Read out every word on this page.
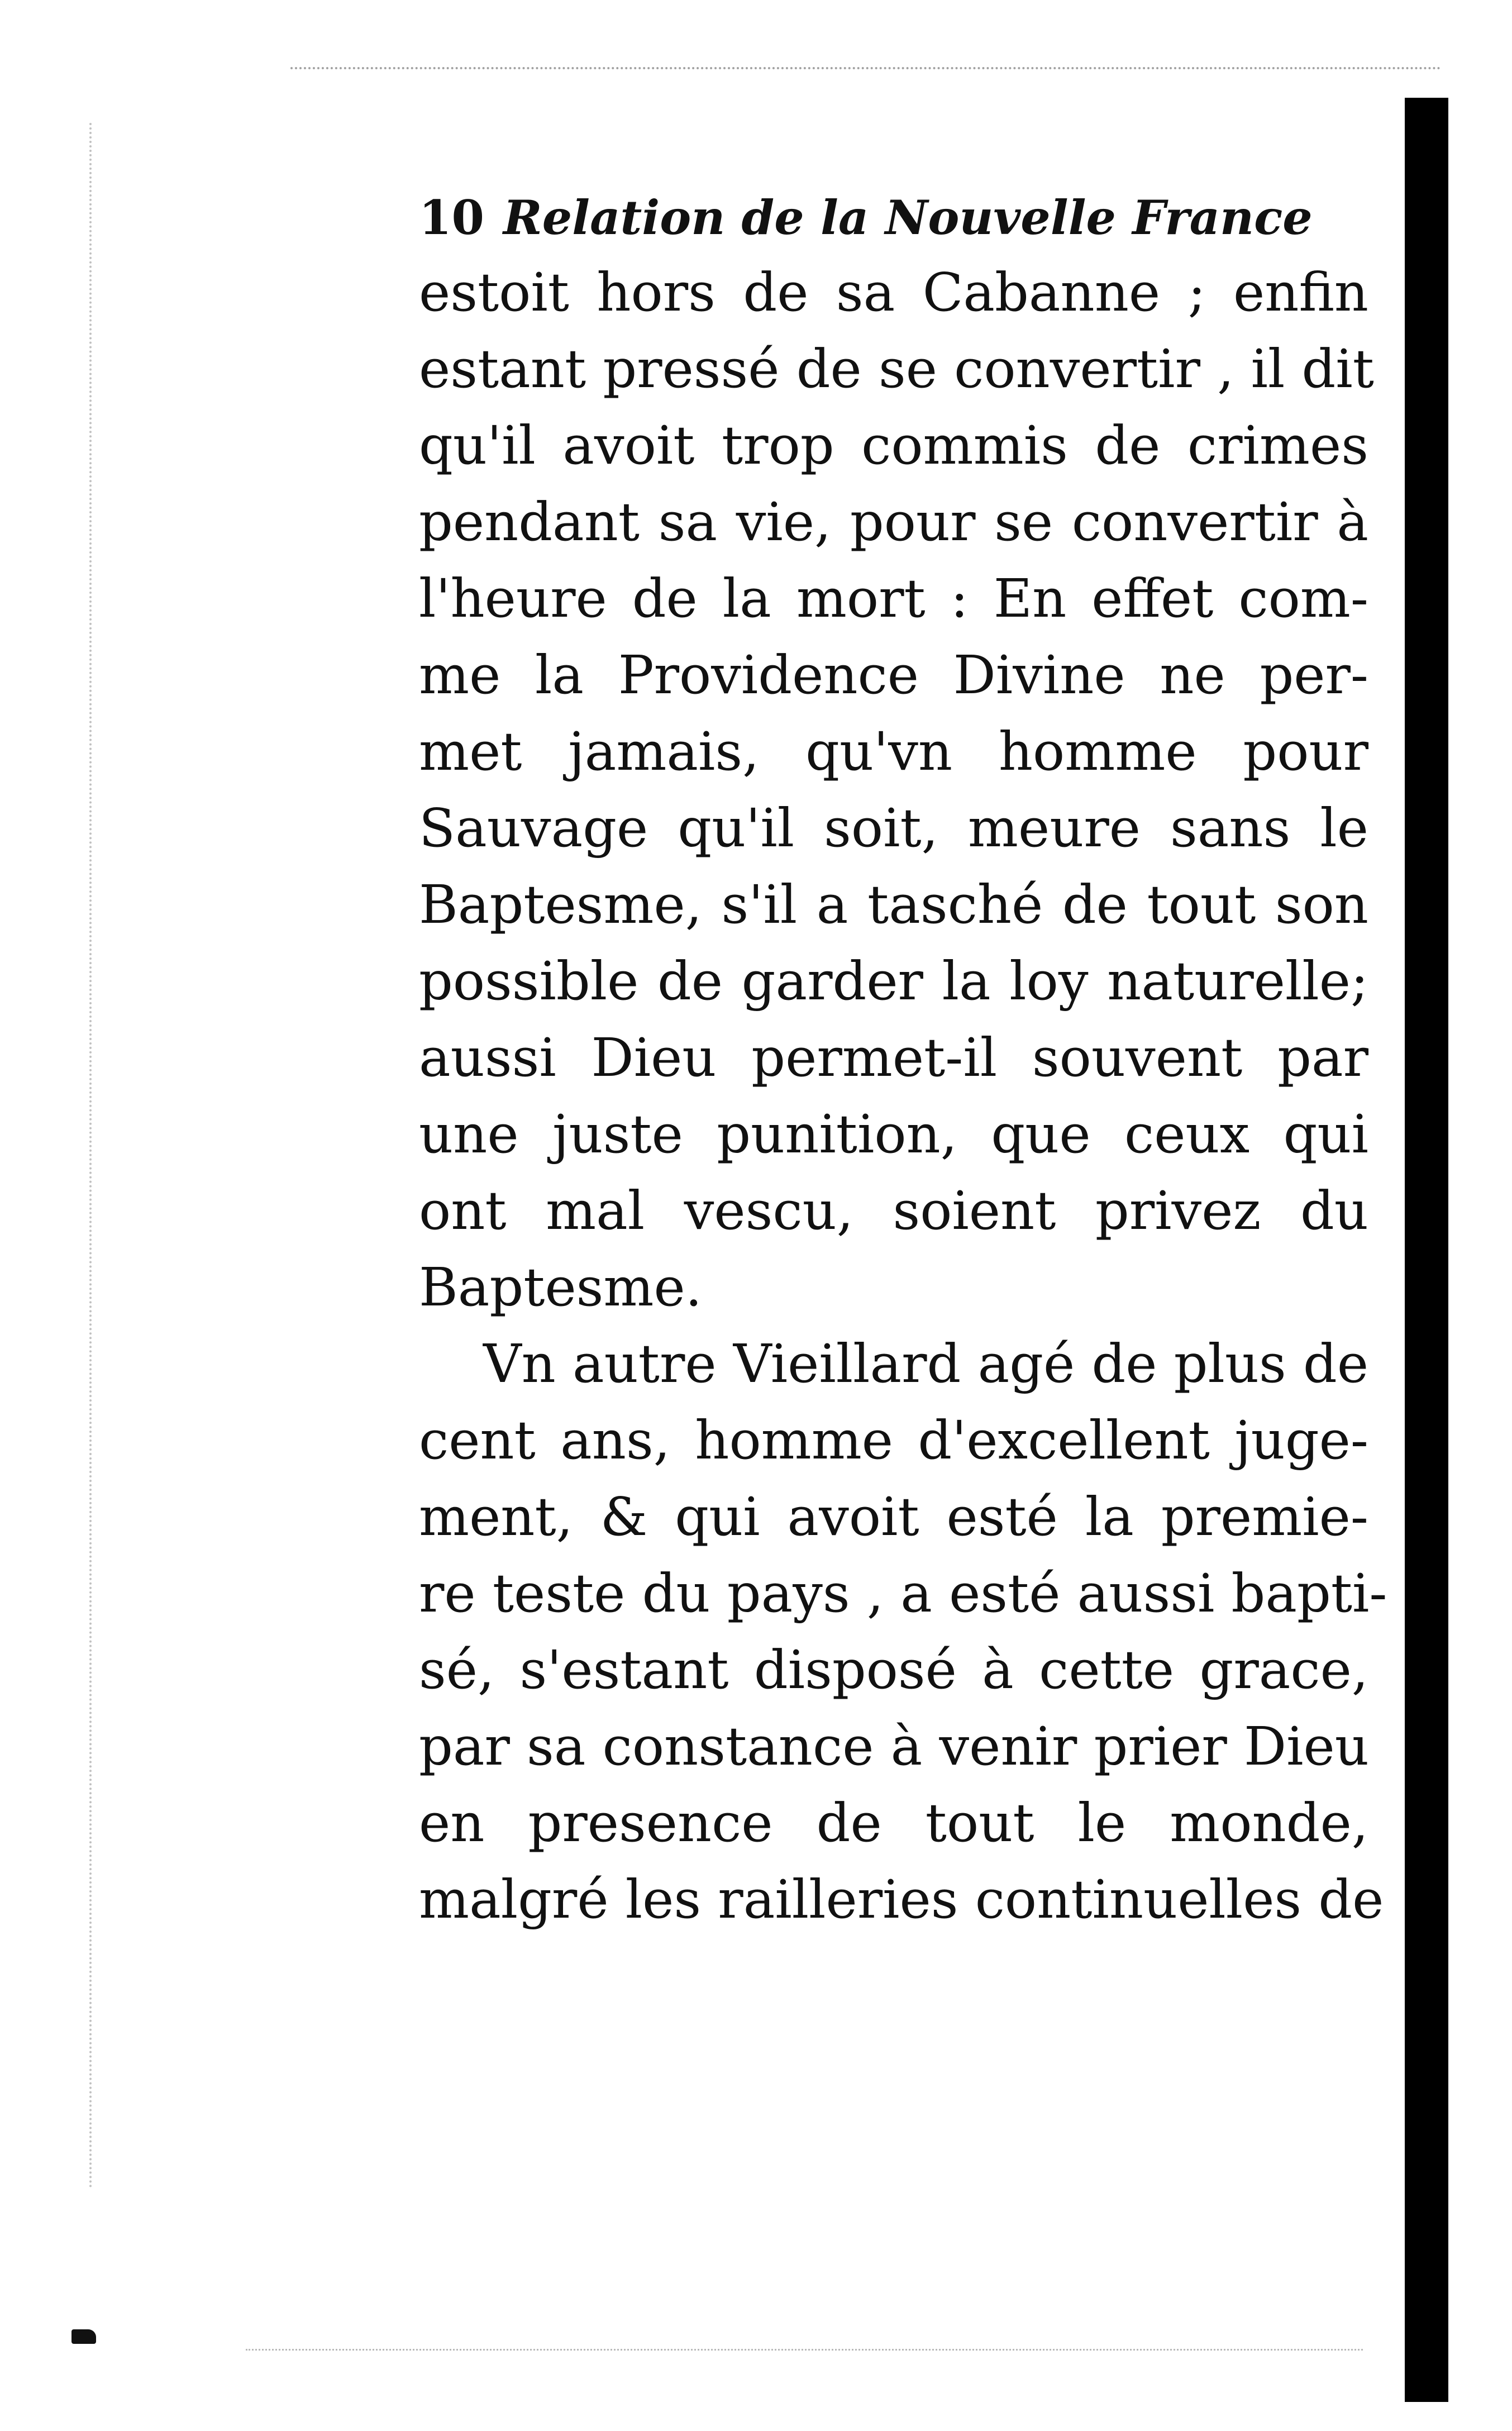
10 Relation de la Nouvelle France
estoit hors de sa Cabanne ; enfin
estant pressé de se convertir , il dit
qu'il avoit trop commis de crimes
pendant sa vie, pour se convertir à
l'heure de la mort : En effet com-
me la Providence Divine ne per-
met jamais, qu'vn homme pour
Sauvage qu'il soit, meure sans le
Baptesme, s'il a tasché de tout son
possible de garder la loy naturelle;
aussi Dieu permet-il souvent par
une juste punition, que ceux qui
ont mal vescu, soient privez du
Baptesme.
Vn autre Vieillard agé de plus de
cent ans, homme d'excellent juge-
ment, & qui avoit esté la premie-
re teste du pays , a esté aussi bapti-
sé, s'estant disposé à cette grace,
par sa constance à venir prier Dieu
en presence de tout le monde,
malgré les railleries continuelles de
